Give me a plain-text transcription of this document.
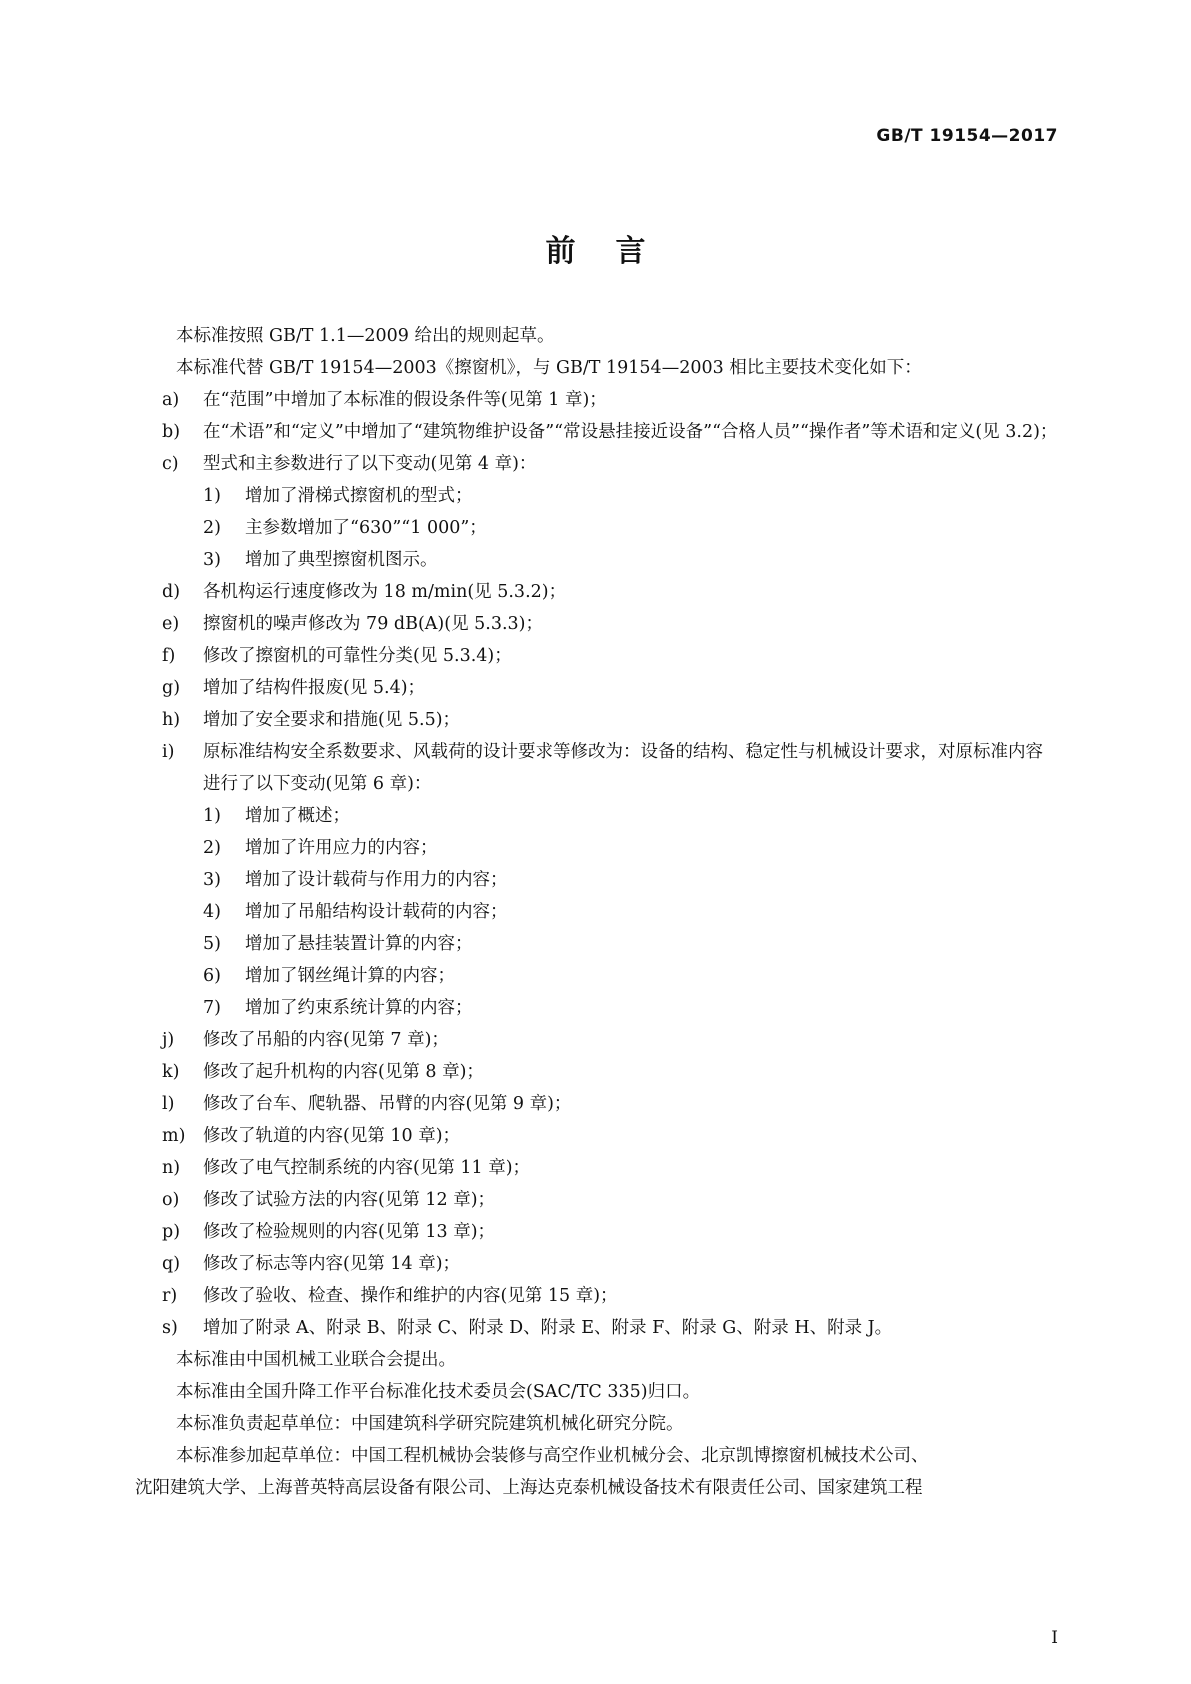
GB/T 19154—2017
前言

本标准按照 GB/T 1.1—2009 给出的规则起草。

本标准代替 GB/T 19154—2003《擦窗机》，与 GB/T 19154—2003 相比主要技术变化如下：

a)	在“范围”中增加了本标准的假设条件等(见第 1 章)；
b)	在“术语”和“定义”中增加了“建筑物维护设备”“常设悬挂接近设备”“合格人员”“操作者”等术语和定义(见 3.2)；
c)	型式和主参数进行了以下变动(见第 4 章)：
1)	增加了滑梯式擦窗机的型式；
2)	主参数增加了“630”“1 000”；
3)	增加了典型擦窗机图示。
d)	各机构运行速度修改为 18 m/min(见 5.3.2)；
e)	擦窗机的噪声修改为 79 dB(A)(见 5.3.3)；
f)	修改了擦窗机的可靠性分类(见 5.3.4)；
g)	增加了结构件报废(见 5.4)；
h)	增加了安全要求和措施(见 5.5)；
i)	原标准结构安全系数要求、风载荷的设计要求等修改为：设备的结构、稳定性与机械设计要求，对原标准内容进行了以下变动(见第 6 章)：
1)	增加了概述；
2)	增加了许用应力的内容；
3)	增加了设计载荷与作用力的内容；
4)	增加了吊船结构设计载荷的内容；
5)	增加了悬挂装置计算的内容；
6)	增加了钢丝绳计算的内容；
7)	增加了约束系统计算的内容；
j)	修改了吊船的内容(见第 7 章)；
k)	修改了起升机构的内容(见第 8 章)；
l)	修改了台车、爬轨器、吊臂的内容(见第 9 章)；
m)	修改了轨道的内容(见第 10 章)；
n)	修改了电气控制系统的内容(见第 11 章)；
o)	修改了试验方法的内容(见第 12 章)；
p)	修改了检验规则的内容(见第 13 章)；
q)	修改了标志等内容(见第 14 章)；
r)	修改了验收、检查、操作和维护的内容(见第 15 章)；
s)	增加了附录 A、附录 B、附录 C、附录 D、附录 E、附录 F、附录 G、附录 H、附录 J。

本标准由中国机械工业联合会提出。

本标准由全国升降工作平台标准化技术委员会(SAC/TC 335)归口。

本标准负责起草单位：中国建筑科学研究院建筑机械化研究分院。

本标准参加起草单位：中国工程机械协会装修与高空作业机械分会、北京凯博擦窗机械技术公司、

沈阳建筑大学、上海普英特高层设备有限公司、上海达克泰机械设备技术有限责任公司、国家建筑工程

I
